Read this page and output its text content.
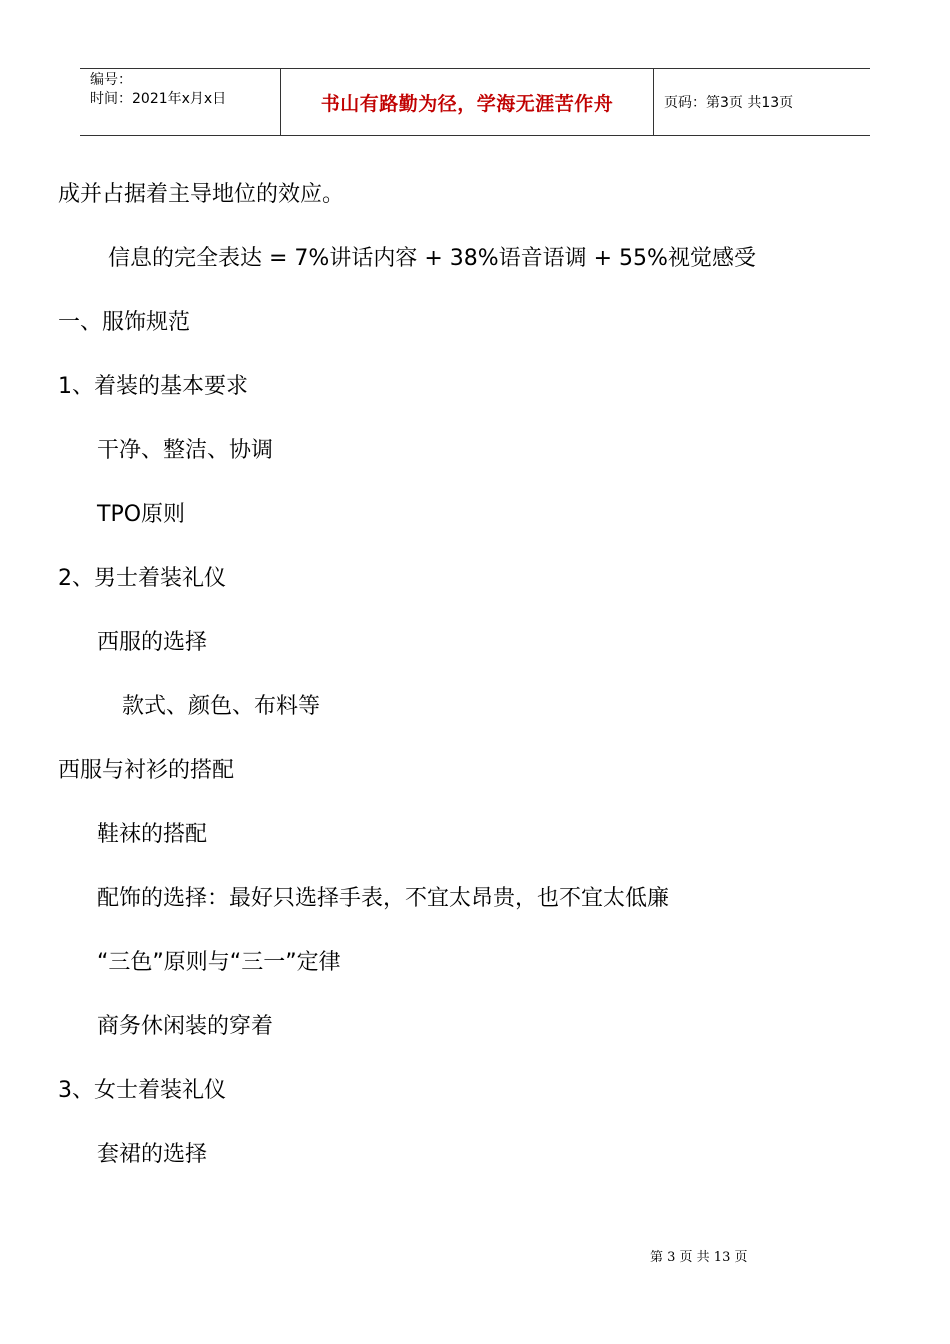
编号：
时间：2021年x月x日	书山有路勤为径，学海无涯苦作舟	页码：第3页 共13页
成并占据着主导地位的效应。
信息的完全表达 = 7%讲话内容 + 38%语音语调 + 55%视觉感受
一、服饰规范
1、着装的基本要求
干净、整洁、协调
TPO原则
2、男士着装礼仪
西服的选择
款式、颜色、布料等
西服与衬衫的搭配
鞋袜的搭配
配饰的选择：最好只选择手表，不宜太昂贵，也不宜太低廉
“三色”原则与“三一”定律
商务休闲装的穿着
3、女士着装礼仪
套裙的选择
第 3 页 共 13 页
